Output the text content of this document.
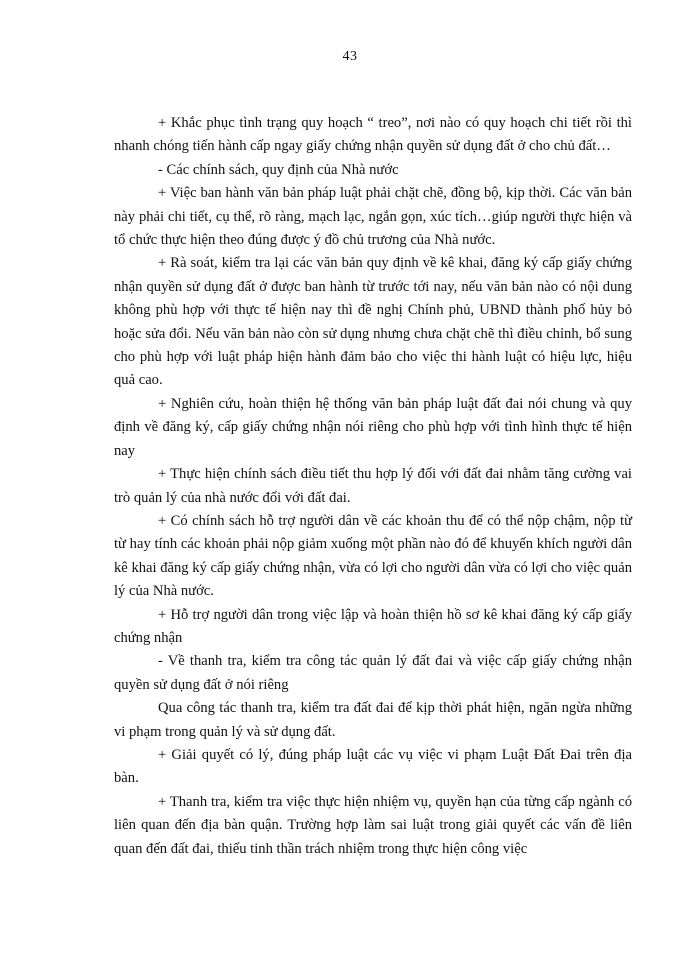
43

+ Khắc phục tình trạng quy hoạch “ treo”, nơi nào có quy hoạch chi tiết rồi thì nhanh chóng tiến hành cấp ngay giấy chứng nhận quyền sử dụng đất ở cho chủ đất…

- Các chính sách, quy định của Nhà nước

+ Việc ban hành văn bản pháp luật phải chặt chẽ, đồng bộ, kịp thời. Các văn bản này phải chi tiết, cụ thể, rõ ràng, mạch lạc, ngắn gọn, xúc tích…giúp người thực hiện và tổ chức thực hiện theo đúng được ý đồ chủ trương của Nhà nước.

+ Rà soát, kiểm tra lại các văn bản quy định về kê khai, đăng ký cấp giấy chứng nhận quyền sử dụng đất ở được ban hành từ trước tới nay, nếu văn bản nào có nội dung không phù hợp với thực tế hiện nay thì đề nghị Chính phủ, UBND thành phố hủy bỏ hoặc sửa đổi. Nếu văn bản nào còn sử dụng nhưng chưa chặt chẽ thì điều chỉnh, bổ sung cho phù hợp với luật pháp hiện hành đảm bảo cho việc thi hành luật có hiệu lực, hiệu quả cao.

+ Nghiên cứu, hoàn thiện hệ thống văn bản pháp luật đất đai nói chung và quy định về đăng ký, cấp giấy chứng nhận nói riêng cho phù hợp với tình hình thực tế hiện nay

+ Thực hiện chính sách điều tiết thu hợp lý đối với đất đai nhằm tăng cường vai trò quản lý của nhà nước đối với đất đai.

+ Có chính sách hỗ trợ người dân về các khoản thu để có thể nộp chậm, nộp từ từ hay tính các khoản phải nộp giảm xuống một phần nào đó để khuyến khích người dân kê khai đăng ký cấp giấy chứng nhận, vừa có lợi cho người dân vừa có lợi cho việc quản lý của Nhà nước.

+ Hỗ trợ người dân trong việc lập và hoàn thiện hồ sơ kê khai đăng ký cấp giấy chứng nhận

- Về thanh tra, kiểm tra công tác quản lý đất đai và việc cấp giấy chứng nhận quyền sử dụng đất ở nói riêng

Qua công tác thanh tra, kiểm tra đất đai để kịp thời phát hiện, ngăn ngừa những vi phạm trong quản lý và sử dụng đất.

+ Giải quyết có lý, đúng pháp luật các vụ việc vi phạm Luật Đất Đai trên địa bàn.

+ Thanh tra, kiểm tra việc thực hiện nhiệm vụ, quyền hạn của từng cấp ngành có liên quan đến địa bàn quận. Trường hợp làm sai luật trong giải quyết các vấn đề liên quan đến đất đai, thiếu tinh thần trách nhiệm trong thực hiện công việc
